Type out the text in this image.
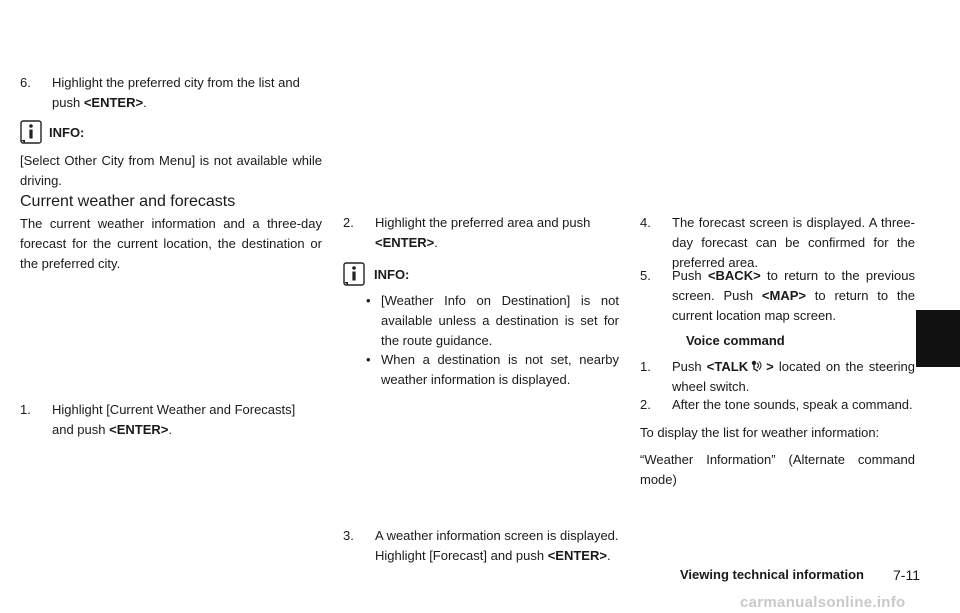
6.	Highlight the preferred city from the list and
push <ENTER>.
INFO:
[Select Other City from Menu] is not available while driving.
Current weather and forecasts
The current weather information and a three-day forecast for the current location, the destination or the preferred city.
1.	Highlight [Current Weather and Forecasts]
and push <ENTER>.
2.	Highlight the preferred area and push
<ENTER>.
INFO:
• [Weather Info on Destination] is not available unless a destination is set for the route guidance.
• When a destination is not set, nearby weather information is displayed.
3.	A weather information screen is displayed.
Highlight [Forecast] and push <ENTER>.
4.	The forecast screen is displayed. A three-day forecast can be confirmed for the preferred area.
5.	Push <BACK> to return to the previous screen. Push <MAP> to return to the current location map screen.
Voice command
1.	Push <TALK > located on the steering wheel switch.
2.	After the tone sounds, speak a command.
To display the list for weather information:
“Weather Information” (Alternate command mode)
Viewing technical information 7-11
carmanualsonline.info
